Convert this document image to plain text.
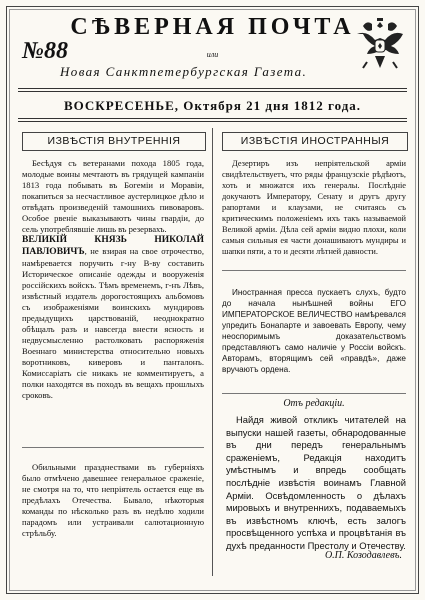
СѢВЕРНАЯ ПОЧТА
№88	или
Новая Санктпетербургская Газета.
ВОСКРЕСЕНЬЕ, Октября 21 дня 1812 года.
ИЗВѢСТІЯ ВНУТРЕННІЯ	ИЗВѢСТІЯ ИНОСТРАННЫЯ

Бесѣдуя съ ветеранами похода 1805 года, молодые воины мечтаютъ въ грядущей кампаніи 1813 года побывать въ Богеміи и Моравіи, покапиться за несчастливое аустерлицкое дѣло и отвѣдать произведеній тамошнихъ пивоваровъ. Особое рвеніе выказываютъ чины гвардіи, до сель употреблявшіе лишь въ резервахъ.

ВЕЛИКІЙ КНЯЗЬ НИКОЛАЙ ПАВЛОВИЧЪ, не взирая на свое отрочество, намѣревается поручить г-ну В-ву составить Историческое описаніе одежды и вооруженія россійскихъ войскъ. Тѣмъ временемъ, г-нъ Лѣвъ, извѣстный издатель дорогостоящихъ альбомовъ съ изображеніями воинскихъ мундировъ предыдущихъ царствованій, неоднократно обѣщалъ разъ и навсегда внести ясность и недвусмысленно растолковать распоряженія Военнаго министерства относительно новыхъ воротниковъ, киверовъ и панталонъ. Комиссаріатъ сіе никакъ не комментируетъ, а полки находятся въ походъ въ вещахъ прошлыхъ сроковъ.

Обильными празднествами въ губерніяхъ было отмѣчено давешнее генеральное сраженіе, не смотря на то, что непріятель остается еще въ предѣлахъ Отечества. Бывало, нѣкоторыя команды по нѣсколько разъ въ недѣлю ходили парадомъ или устраивали салютационную стрѣльбу.

Дезертиръ изъ непріятельской арміи свидѣтельствуетъ, что ряды французскіе рѣдѣютъ, хоть и множатся ихъ генералы. Послѣдніе докучаютъ Императору, Сенату и другъ другу рапортами и клаузами, не считаясь съ критическимъ положеніемъ ихъ такъ называемой Великой арміи. Дѣла сей арміи видно плохи, коли самыя сильныя ея части донашиваютъ мундиры и шапки пяти, а то и десяти лѣтней давности.

Иностранная пресса пускаетъ слухъ, будто до начала нынѣшней войны ЕГО ИМПЕРАТОРСКОЕ ВЕЛИЧЕСТВО намѣревался упредить Бонапарте и завоевать Европу, чему неоспоримымъ доказательствомъ представляютъ само наличіе у Россіи войскъ. Авторамъ, вторящимъ сей «правдѣ», даже вручаютъ ордена.

Отъ редакціи.
Найдя живой откликъ читателей на выпуски нашей газеты, обнародованные въ дни передъ генеральнымъ сраженіемъ, Редакція находитъ умѣстнымъ и впредь сообщать послѣдніе извѣстія воинамъ Главной Арміи. Освѣдомленность о дѣлахъ мировыхъ и внутреннихъ, подаваемыхъ въ извѣстномъ ключѣ, есть залогъ просвѣщенного успѣха и процвѣтанія въ духѣ преданности Престолу и Отечеству.
О.П. Козодавлевъ.
